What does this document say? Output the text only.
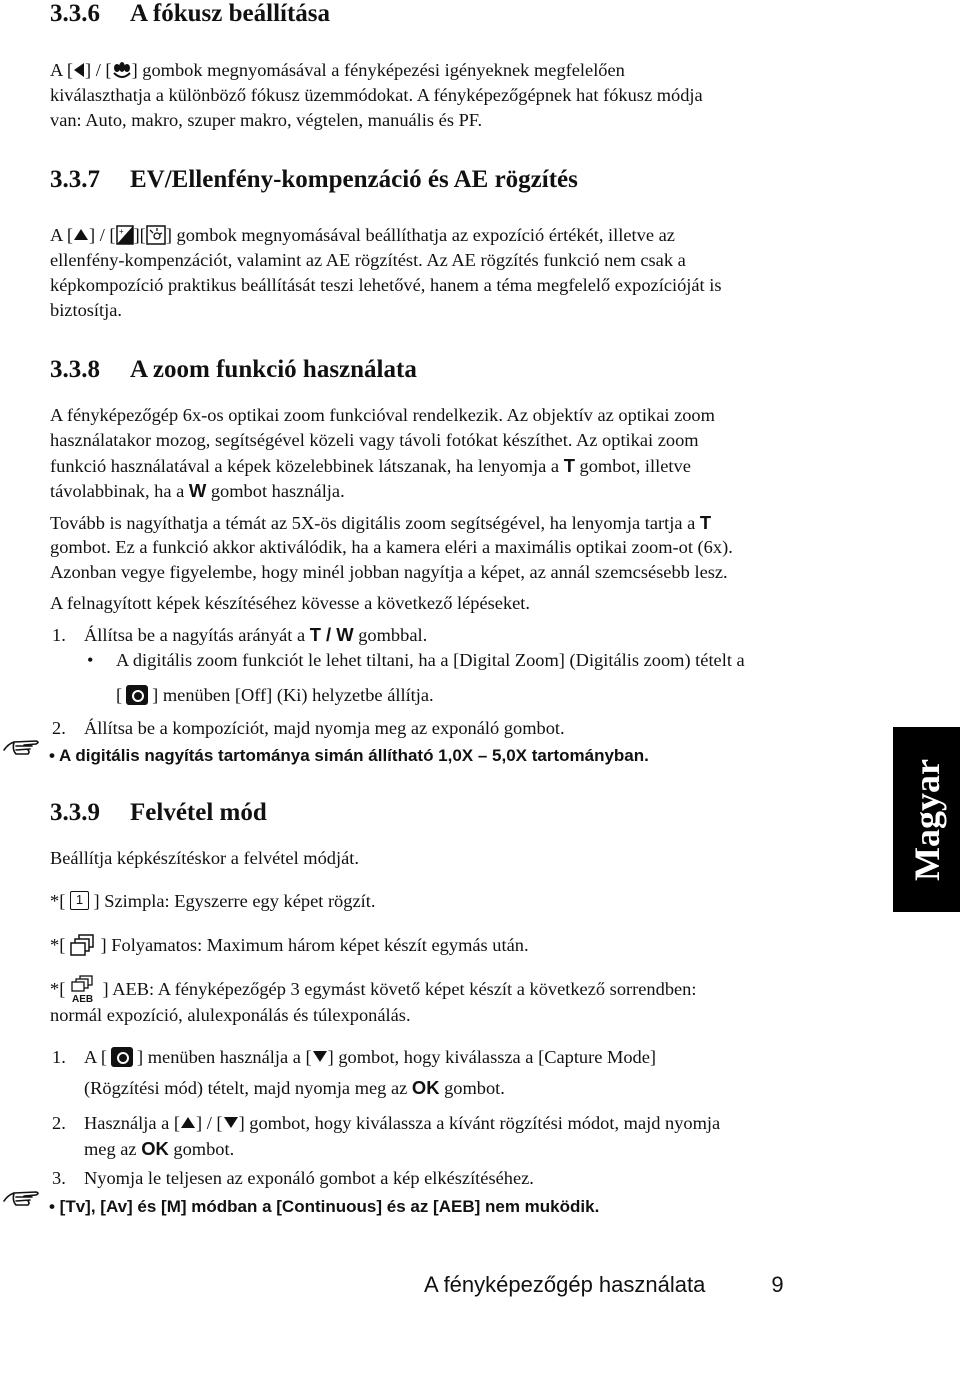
3.3.6 A fókusz beállítása
A [ ] / [ ] gombok megnyomásával a fényképezési igényeknek megfelelően
kiválaszthatja a különböző fókusz üzemmódokat. A fényképezőgépnek hat fókusz módja
van: Auto, makro, szuper makro, végtelen, manuális és PF.
3.3.7 EV/Ellenfény-kompenzáció és AE rögzítés
A [ ] / [ + ][ ] gombok megnyomásával beállíthatja az expozíció értékét, illetve az
ellenfény-kompenzációt, valamint az AE rögzítést. Az AE rögzítés funkció nem csak a
képkompozíció praktikus beállítását teszi lehetővé, hanem a téma megfelelő expozícióját is
biztosítja.
3.3.8 A zoom funkció használata
A fényképezőgép 6x-os optikai zoom funkcióval rendelkezik. Az objektív az optikai zoom
használatakor mozog, segítségével közeli vagy távoli fotókat készíthet. Az optikai zoom
funkció használatával a képek közelebbinek látszanak, ha lenyomja a T gombot, illetve
távolabbinak, ha a W gombot használja.
Tovább is nagyíthatja a témát az 5X-ös digitális zoom segítségével, ha lenyomja tartja a T
gombot. Ez a funkció akkor aktiválódik, ha a kamera eléri a maximális optikai zoom-ot (6x).
Azonban vegye figyelembe, hogy minél jobban nagyítja a képet, az annál szemcsésebb lesz.
A felnagyított képek készítéséhez kövesse a következő lépéseket.
1. Állítsa be a nagyítás arányát a T / W gombbal.
• A digitális zoom funkciót le lehet tiltani, ha a [Digital Zoom] (Digitális zoom) tételt a
[ ] menüben [Off] (Ki) helyzetbe állítja.
2. Állítsa be a kompozíciót, majd nyomja meg az exponáló gombot.
• A digitális nagyítás tartománya simán állítható 1,0X – 5,0X tartományban.
3.3.9 Felvétel mód
Beállítja képkészítéskor a felvétel módját.
*[ 1 ] Szimpla: Egyszerre egy képet rögzít.
*[ ] Folyamatos: Maximum három képet készít egymás után.
*[
AEB
] AEB: A fényképezőgép 3 egymást követő képet készít a következő sorrendben:
normál expozíció, alulexponálás és túlexponálás.
1. A [ ] menüben használja a [ ] gombot, hogy kiválassza a [Capture Mode]
(Rögzítési mód) tételt, majd nyomja meg az OK gombot.
2. Használja a [ ] / [ ] gombot, hogy kiválassza a kívánt rögzítési módot, majd nyomja
meg az OK gombot.
3. Nyomja le teljesen az exponáló gombot a kép elkészítéséhez.
• [Tv], [Av] és [M] módban a [Continuous] és az [AEB] nem muködik.
Magyar
A fényképezőgép használata	9
